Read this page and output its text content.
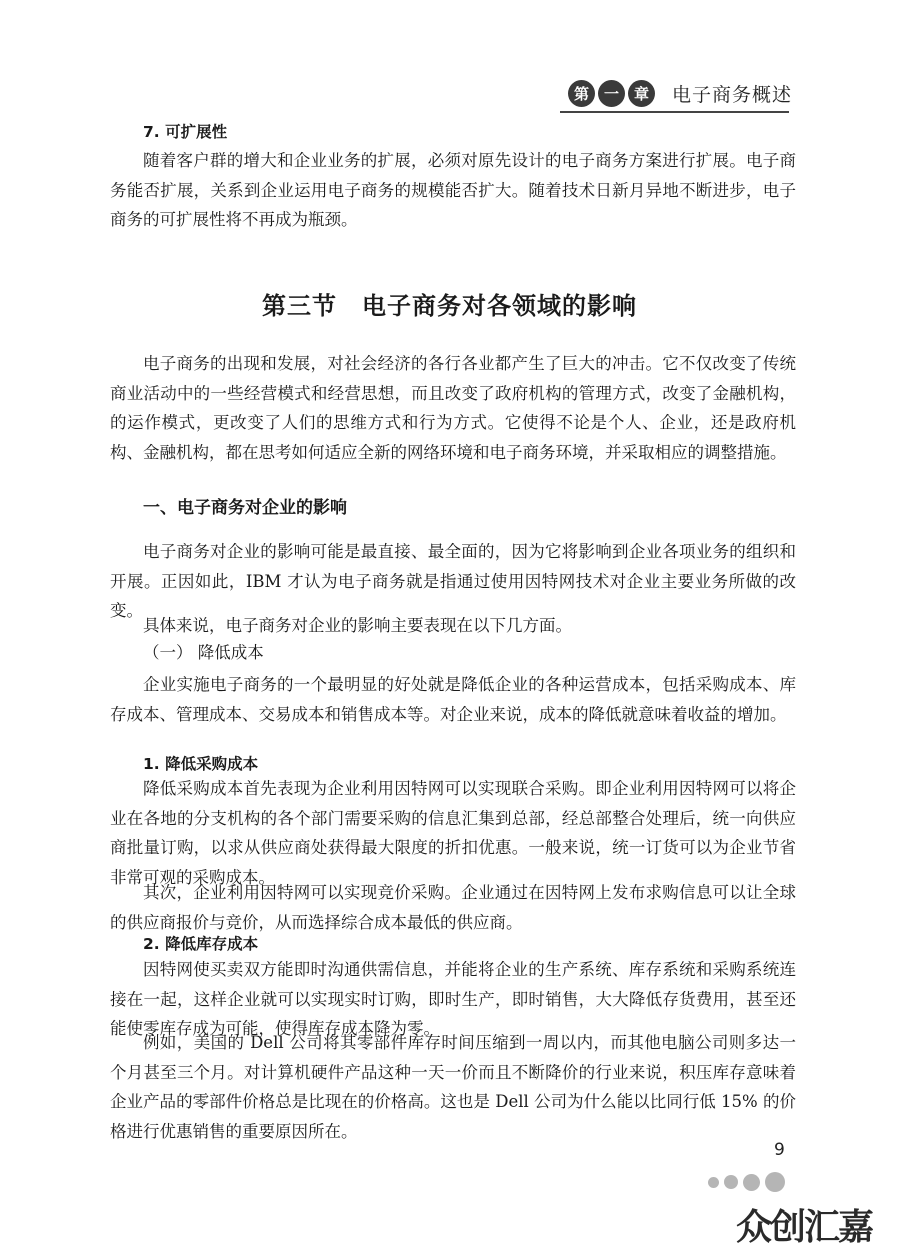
第 一 章	电子商务概述
7. 可扩展性

随着客户群的增大和企业业务的扩展，必须对原先设计的电子商务方案进行扩展。电子商务能否扩展，关系到企业运用电子商务的规模能否扩大。随着技术日新月异地不断进步，电子商务的可扩展性将不再成为瓶颈。

第三节　电子商务对各领域的影响

电子商务的出现和发展，对社会经济的各行各业都产生了巨大的冲击。它不仅改变了传统商业活动中的一些经营模式和经营思想，而且改变了政府机构的管理方式，改变了金融机构，的运作模式，更改变了人们的思维方式和行为方式。它使得不论是个人、企业，还是政府机构、金融机构，都在思考如何适应全新的网络环境和电子商务环境，并采取相应的调整措施。

一、电子商务对企业的影响

电子商务对企业的影响可能是最直接、最全面的，因为它将影响到企业各项业务的组织和开展。正因如此，IBM 才认为电子商务就是指通过使用因特网技术对企业主要业务所做的改变。

具体来说，电子商务对企业的影响主要表现在以下几方面。

（一） 降低成本

企业实施电子商务的一个最明显的好处就是降低企业的各种运营成本，包括采购成本、库存成本、管理成本、交易成本和销售成本等。对企业来说，成本的降低就意味着收益的增加。

1. 降低采购成本

降低采购成本首先表现为企业利用因特网可以实现联合采购。即企业利用因特网可以将企业在各地的分支机构的各个部门需要采购的信息汇集到总部，经总部整合处理后，统一向供应商批量订购，以求从供应商处获得最大限度的折扣优惠。一般来说，统一订货可以为企业节省非常可观的采购成本。

其次，企业利用因特网可以实现竞价采购。企业通过在因特网上发布求购信息可以让全球的供应商报价与竞价，从而选择综合成本最低的供应商。

2. 降低库存成本

因特网使买卖双方能即时沟通供需信息，并能将企业的生产系统、库存系统和采购系统连接在一起，这样企业就可以实现实时订购，即时生产，即时销售，大大降低存货费用，甚至还能使零库存成为可能，使得库存成本降为零。

例如，美国的 Dell 公司将其零部件库存时间压缩到一周以内，而其他电脑公司则多达一个月甚至三个月。对计算机硬件产品这种一天一价而且不断降价的行业来说，积压库存意味着企业产品的零部件价格总是比现在的价格高。这也是 Dell 公司为什么能以比同行低 15% 的价格进行优惠销售的重要原因所在。

9
众创汇嘉
